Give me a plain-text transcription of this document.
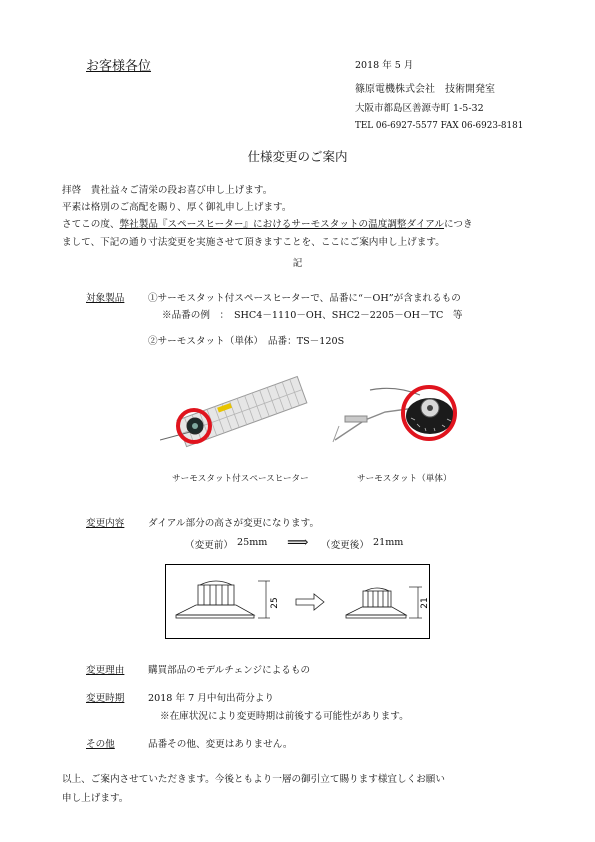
お客様各位	2018 年 5 月
篠原電機株式会社　技術開発室
大阪市都島区善源寺町 1-5-32
TEL 06-6927-5577 FAX 06-6923-8181
仕様変更のご案内
拝啓　貴社益々ご清栄の段お喜び申し上げます。
平素は格別のご高配を賜り、厚く御礼申し上げます。
さてこの度、弊社製品『スペースヒーター』におけるサーモスタットの温度調整ダイアルにつき
まして、下記の通り寸法変更を実施させて頂きますことを、ここにご案内申し上げます。
記
対象製品 ①サーモスタット付スペースヒーターで、品番に“－OH”が含まれるもの
※品番の例　：　SHC4－1110－OH、SHC2－2205－OH－TC　等
②サーモスタット（単体）　品番：TS－120S
サーモスタット付スペースヒーター	サーモスタット（単体）
変更内容 ダイアル部分の高さが変更になります。
（変更前） 25mm ⟹ （変更後） 21mm
25	21
変更理由 購買部品のモデルチェンジによるもの
変更時期 2018 年 7 月中旬出荷分より
※在庫状況により変更時期は前後する可能性があります。
その他	品番その他、変更はありません。
以上、ご案内させていただきます。今後ともより一層の御引立て賜ります様宜しくお願い
申し上げます。
